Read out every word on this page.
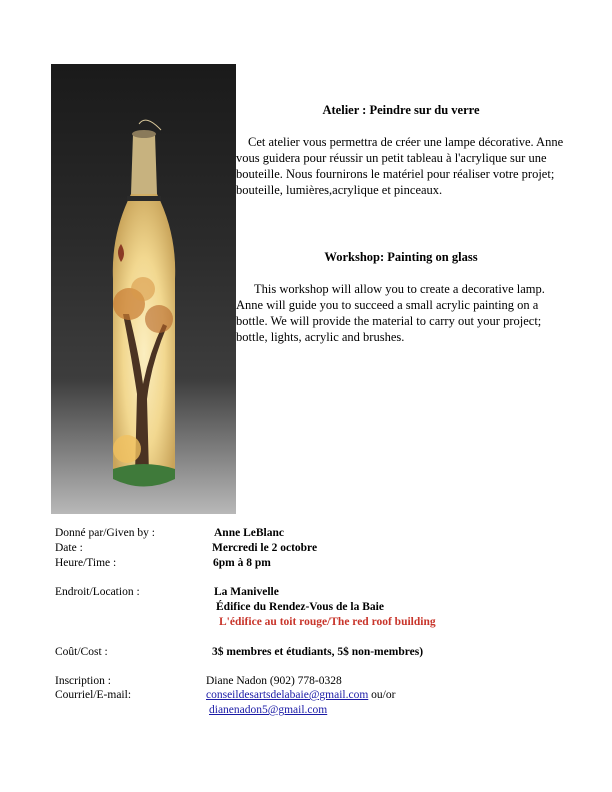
Atelier : Peindre sur du verre
Cet atelier vous permettra de créer une lampe décorative. Anne vous guidera pour réussir un petit tableau à l'acrylique sur une bouteille. Nous fournirons le matériel pour réaliser votre projet; bouteille, lumières,acrylique et pinceaux.
Workshop: Painting on glass
This workshop will allow you to create a decorative lamp. Anne will guide you to succeed a small acrylic painting on a bottle. We will provide the material to carry out your project; bottle, lights, acrylic and brushes.
Donné par/Given by :	Anne LeBlanc
Date :	Mercredi le 2 octobre
Heure/Time :	6pm à 8 pm
Endroit/Location :	La Manivelle
Édifice du Rendez-Vous de la Baie
L'édifice au toit rouge/The red roof building
Coût/Cost :	3$ membres et étudiants, 5$ non-membres)
Inscription :	Diane Nadon (902) 778-0328
Courriel/E-mail:	conseildesartsdelabaie@gmail.com ou/or
dianenadon5@gmail.com
